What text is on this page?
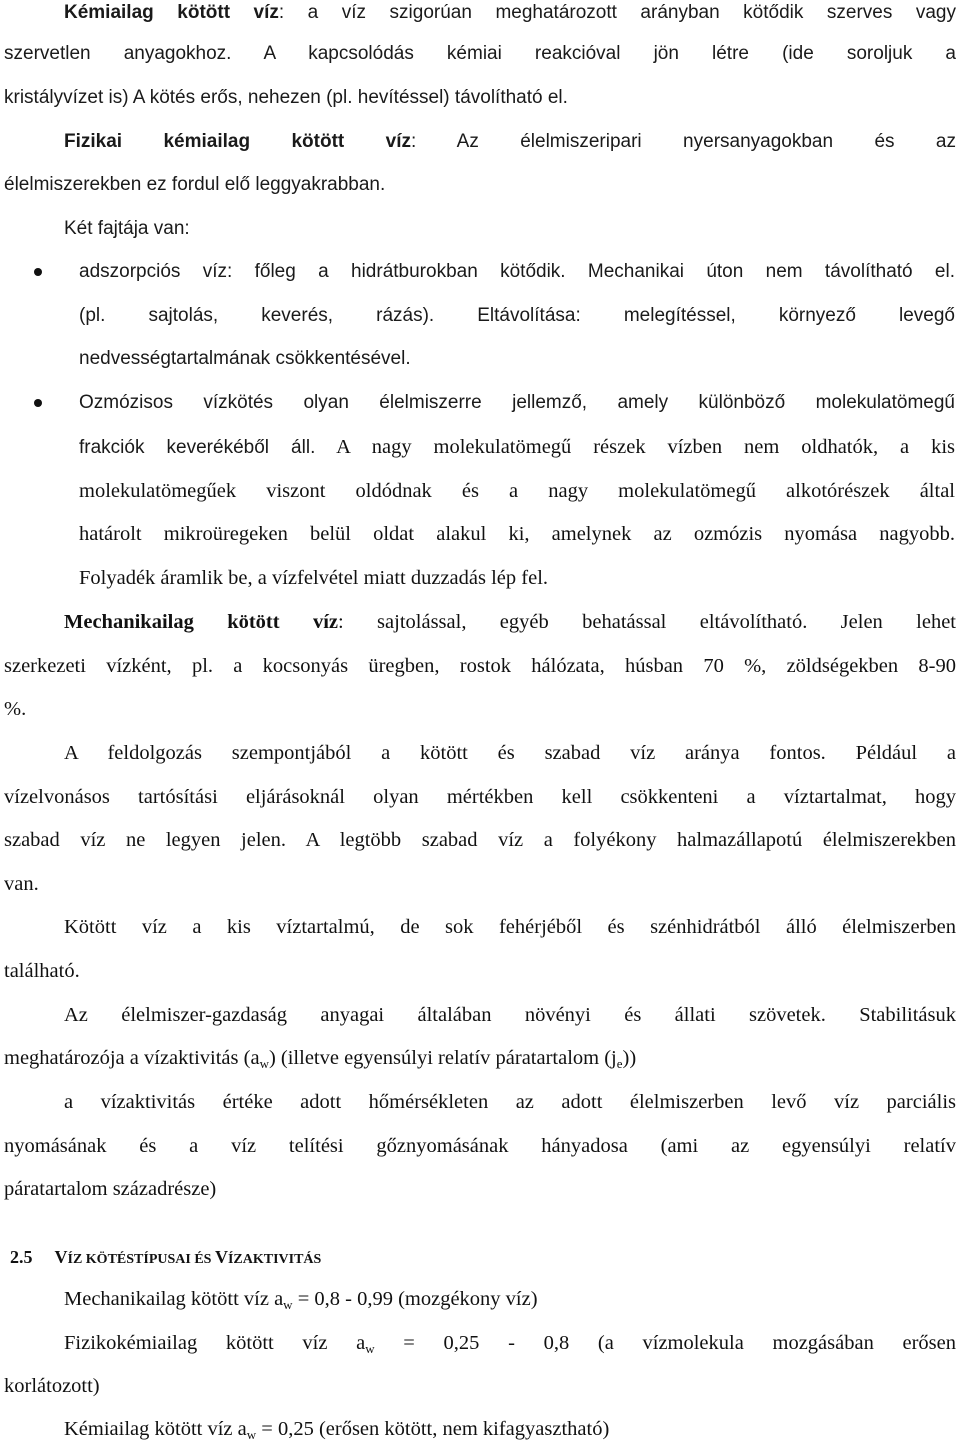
Kémiailag kötött víz: a víz szigorúan meghatározott arányban kötődik szerves vagy
szervetlen anyagokhoz. A kapcsolódás kémiai reakcióval jön létre (ide soroljuk a
kristályvízet is) A kötés erős, nehezen (pl. hevítéssel) távolítható el.
Fizikai kémiailag kötött víz: Az élelmiszeripari nyersanyagokban és az
élelmiszerekben ez fordul elő leggyakrabban.
Két fajtája van:
adszorpciós víz: főleg a hidrátburokban kötődik. Mechanikai úton nem távolítható el.
(pl. sajtolás, keverés, rázás). Eltávolítása: melegítéssel, környező levegő
nedvességtartalmának csökkentésével.
Ozmózisos vízkötés olyan élelmiszerre jellemző, amely különböző molekulatömegű
frakciók keverékéből áll. A nagy molekulatömegű részek vízben nem oldhatók, a kis
molekulatömegűek viszont oldódnak és a nagy molekulatömegű alkotórészek által
határolt mikroüregeken belül oldat alakul ki, amelynek az ozmózis nyomása nagyobb.
Folyadék áramlik be, a vízfelvétel miatt duzzadás lép fel.
Mechanikailag kötött víz: sajtolással, egyéb behatással eltávolítható. Jelen lehet
szerkezeti vízként, pl. a kocsonyás üregben, rostok hálózata, húsban 70 %, zöldségekben 8-90
%.
A feldolgozás szempontjából a kötött és szabad víz aránya fontos. Például a
vízelvonásos tartósítási eljárásoknál olyan mértékben kell csökkenteni a víztartalmat, hogy
szabad víz ne legyen jelen. A legtöbb szabad víz a folyékony halmazállapotú élelmiszerekben
van.
Kötött víz a kis víztartalmú, de sok fehérjéből és szénhidrátból álló élelmiszerben
található.
Az élelmiszer-gazdaság anyagai általában növényi és állati szövetek. Stabilitásuk
meghatározója a vízaktivitás $(a_w)$ (illetve egyensúlyi relatív páratartalom $(j_e)$)
a vízaktivitás értéke adott hőmérsékleten az adott élelmiszerben levő víz parciális
nyomásának és a víz telítési gőznyomásának hányadosa (ami az egyensúlyi relatív
páratartalom századrésze)
2.5 VÍZ KÖTÉSTÍPUSAI ÉS VÍZAKTIVITÁS
Mechanikailag kötött víz $a_w = 0,8 - 0,99$ (mozgékony víz)
Fizikokémiailag kötött víz $a_w = 0,25 - 0,8$ (a vízmolekula mozgásában erősen
korlátozott)
Kémiailag kötött víz $a_w = 0,25$ (erősen kötött, nem kifagyasztható)
